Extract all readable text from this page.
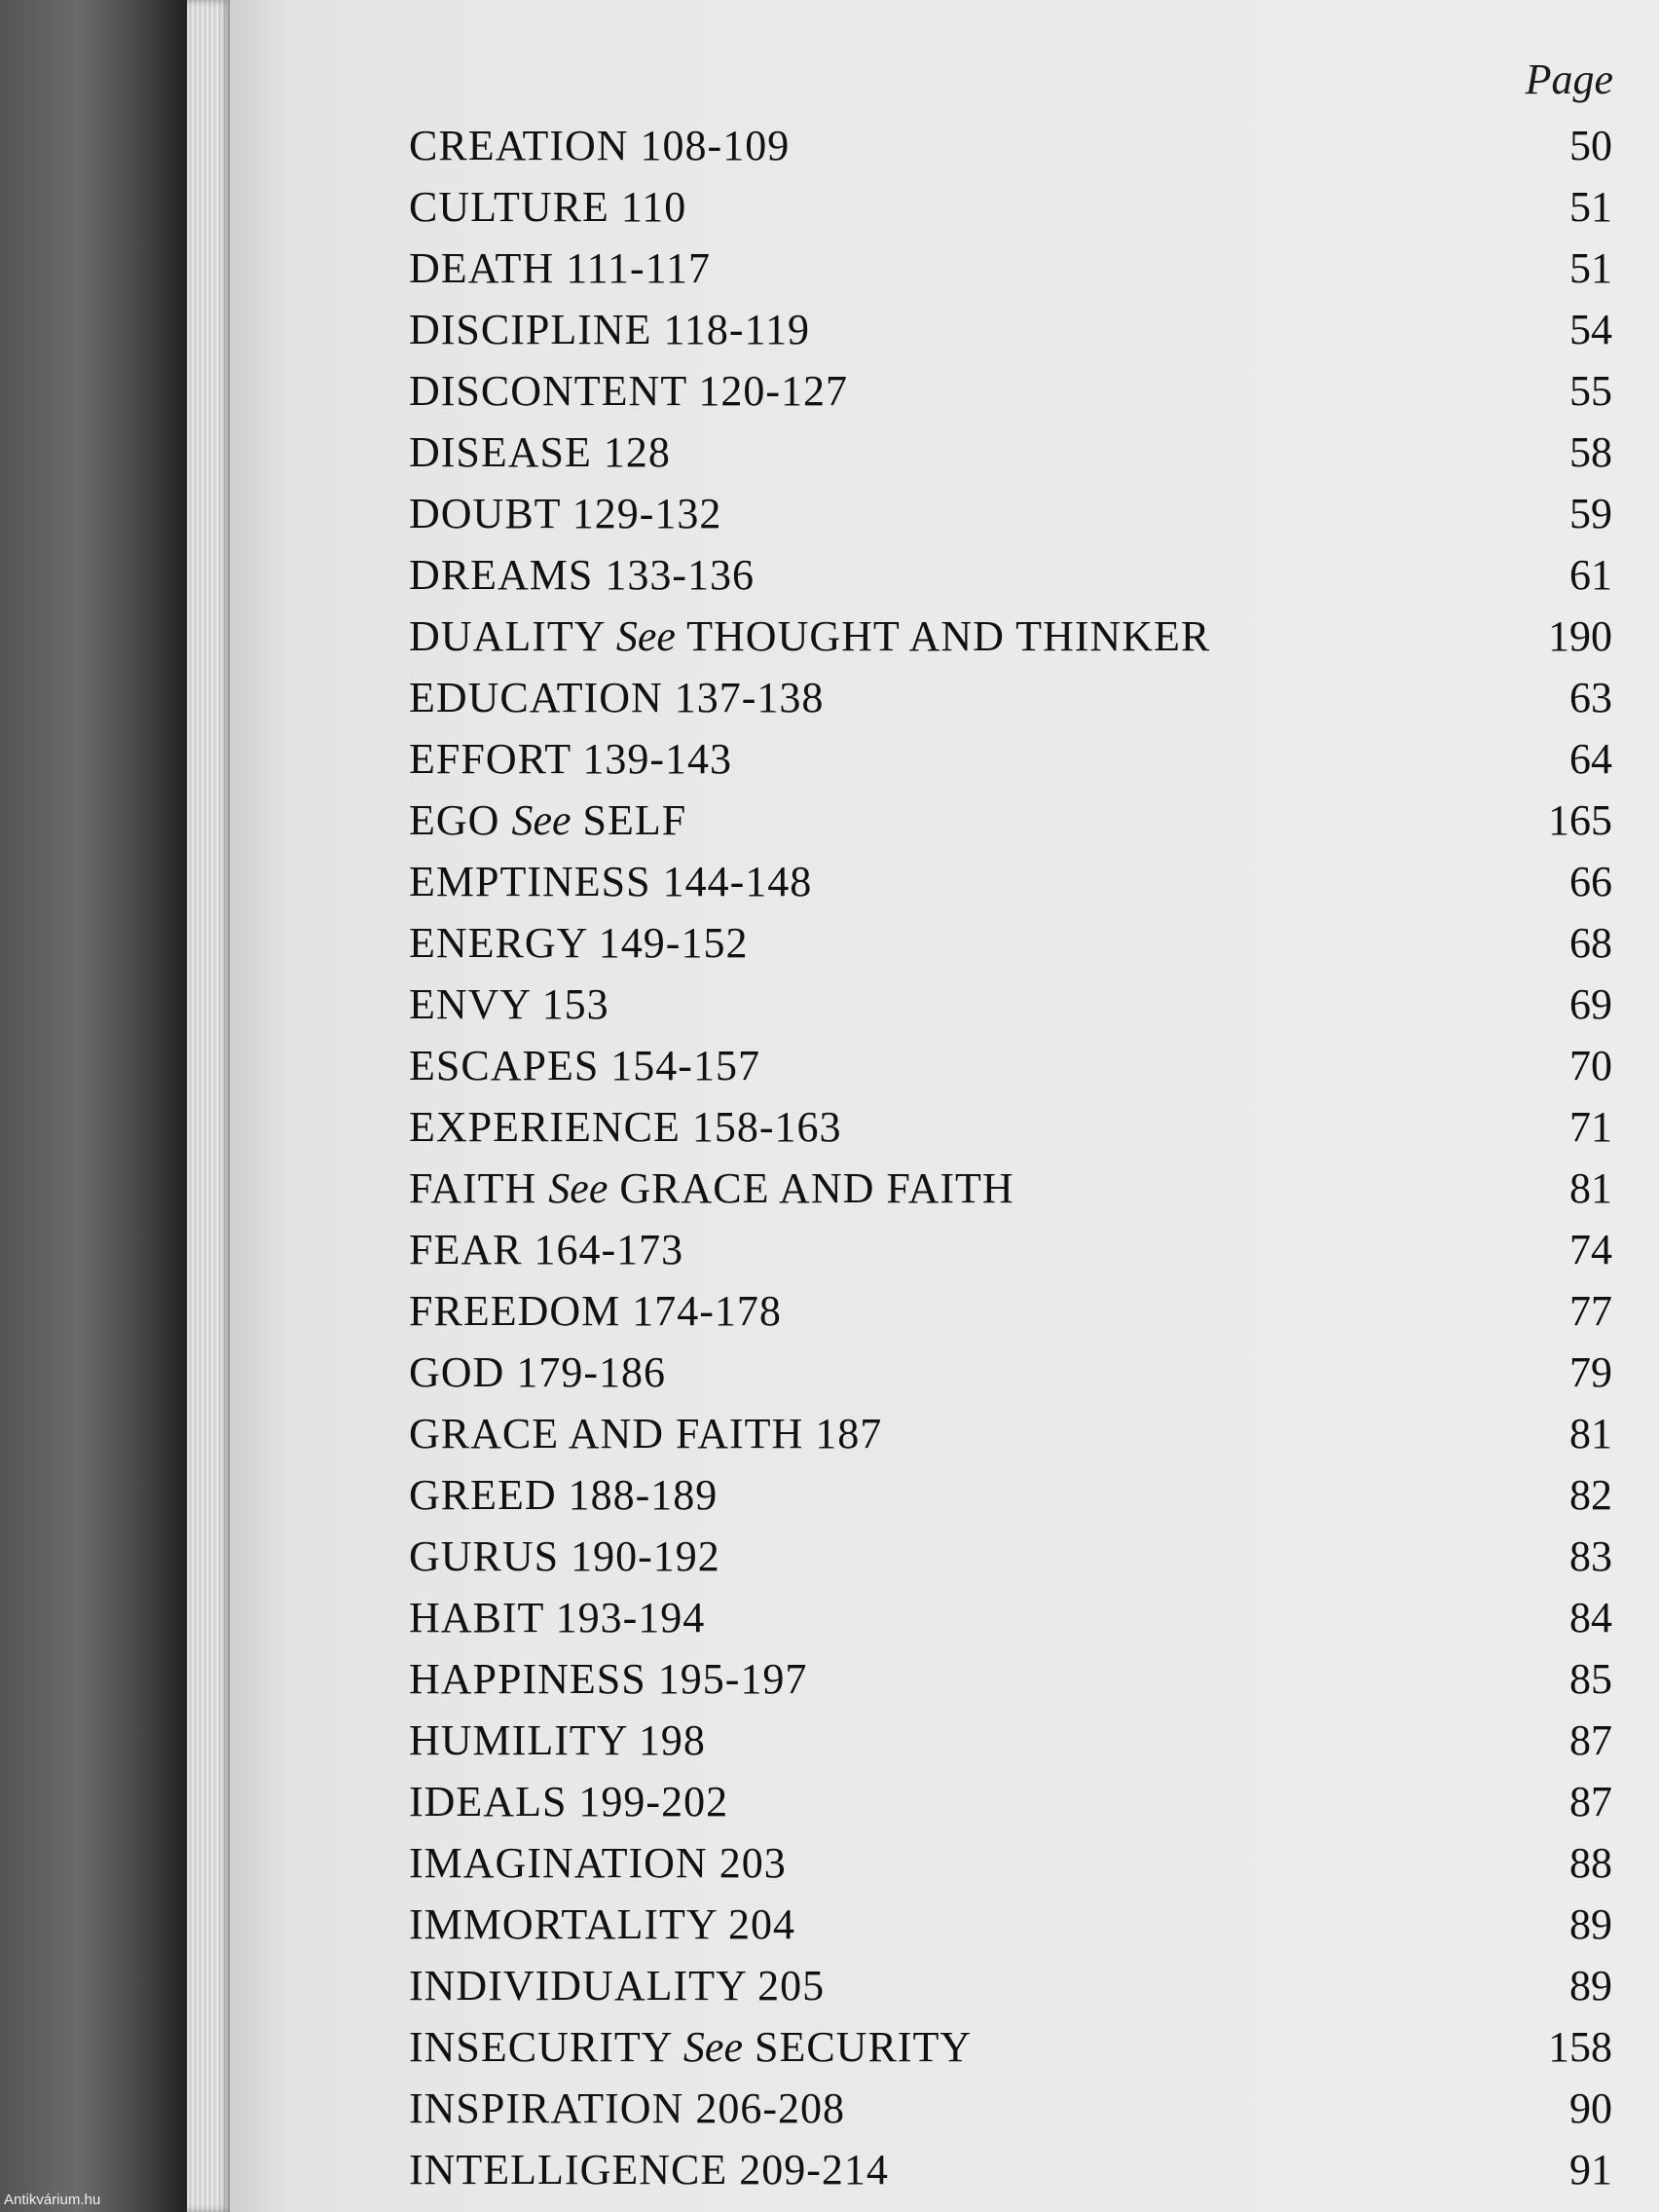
Page
CREATION 108-109	50
CULTURE 110	51
DEATH 111-117	51
DISCIPLINE 118-119	54
DISCONTENT 120-127	55
DISEASE 128	58
DOUBT 129-132	59
DREAMS 133-136	61
DUALITY See THOUGHT AND THINKER	190
EDUCATION 137-138	63
EFFORT 139-143	64
EGO See SELF	165
EMPTINESS 144-148	66
ENERGY 149-152	68
ENVY 153	69
ESCAPES 154-157	70
EXPERIENCE 158-163	71
FAITH See GRACE AND FAITH	81
FEAR 164-173	74
FREEDOM 174-178	77
GOD 179-186	79
GRACE AND FAITH 187	81
GREED 188-189	82
GURUS 190-192	83
HABIT 193-194	84
HAPPINESS 195-197	85
HUMILITY 198	87
IDEALS 199-202	87
IMAGINATION 203	88
IMMORTALITY 204	89
INDIVIDUALITY 205	89
INSECURITY See SECURITY	158
INSPIRATION 206-208	90
INTELLIGENCE 209-214	91
Antikvárium.hu
